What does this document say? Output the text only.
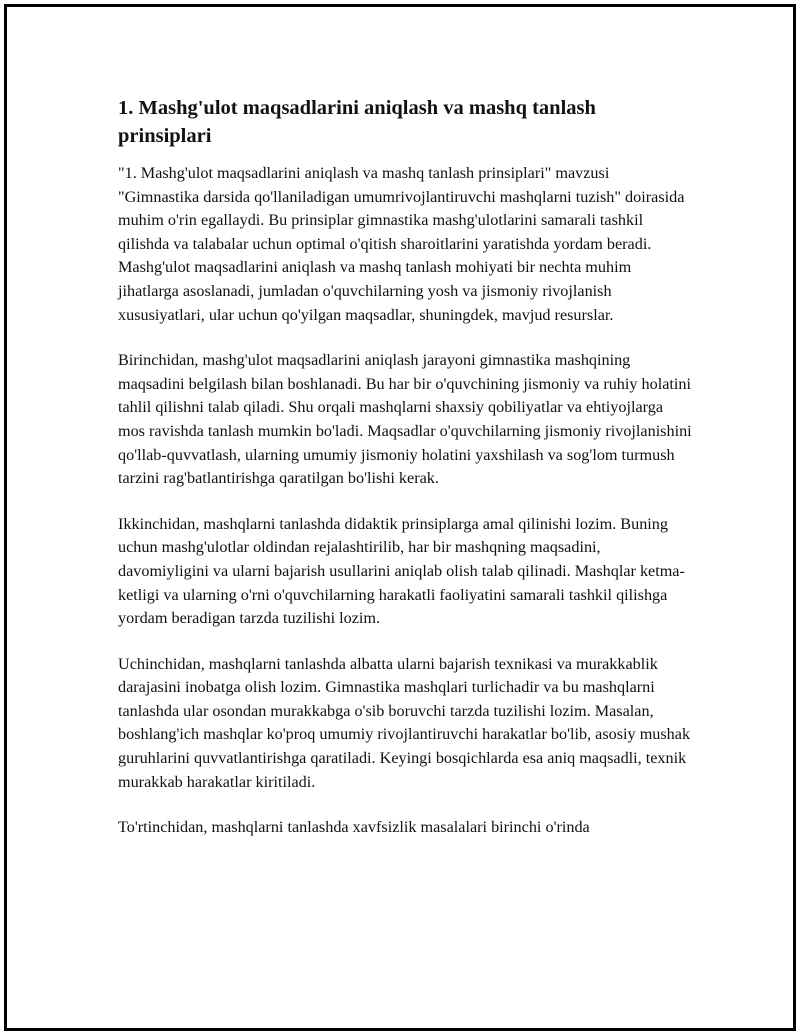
1. Mashg'ulot maqsadlarini aniqlash va mashq tanlash prinsiplari

"1. Mashg'ulot maqsadlarini aniqlash va mashq tanlash prinsiplari" mavzusi "Gimnastika darsida qo'llaniladigan umumrivojlantiruvchi mashqlarni tuzish" doirasida muhim o'rin egallaydi. Bu prinsiplar gimnastika mashg'ulotlarini samarali tashkil qilishda va talabalar uchun optimal o'qitish sharoitlarini yaratishda yordam beradi. Mashg'ulot maqsadlarini aniqlash va mashq tanlash mohiyati bir nechta muhim jihatlarga asoslanadi, jumladan o'quvchilarning yosh va jismoniy rivojlanish xususiyatlari, ular uchun qo'yilgan maqsadlar, shuningdek, mavjud resurslar.

Birinchidan, mashg'ulot maqsadlarini aniqlash jarayoni gimnastika mashqining maqsadini belgilash bilan boshlanadi. Bu har bir o'quvchining jismoniy va ruhiy holatini tahlil qilishni talab qiladi. Shu orqali mashqlarni shaxsiy qobiliyatlar va ehtiyojlarga mos ravishda tanlash mumkin bo'ladi. Maqsadlar o'quvchilarning jismoniy rivojlanishini qo'llab-quvvatlash, ularning umumiy jismoniy holatini yaxshilash va sog'lom turmush tarzini rag'batlantirishga qaratilgan bo'lishi kerak.

Ikkinchidan, mashqlarni tanlashda didaktik prinsiplarga amal qilinishi lozim. Buning uchun mashg'ulotlar oldindan rejalashtirilib, har bir mashqning maqsadini, davomiyligini va ularni bajarish usullarini aniqlab olish talab qilinadi. Mashqlar ketma-ketligi va ularning o'rni o'quvchilarning harakatli faoliyatini samarali tashkil qilishga yordam beradigan tarzda tuzilishi lozim.

Uchinchidan, mashqlarni tanlashda albatta ularni bajarish texnikasi va murakkablik darajasini inobatga olish lozim. Gimnastika mashqlari turlichadir va bu mashqlarni tanlashda ular osondan murakkabga o'sib boruvchi tarzda tuzilishi lozim. Masalan, boshlang'ich mashqlar ko'proq umumiy rivojlantiruvchi harakatlar bo'lib, asosiy mushak guruhlarini quvvatlantirishga qaratiladi. Keyingi bosqichlarda esa aniq maqsadli, texnik murakkab harakatlar kiritiladi.

To'rtinchidan, mashqlarni tanlashda xavfsizlik masalalari birinchi o'rinda
